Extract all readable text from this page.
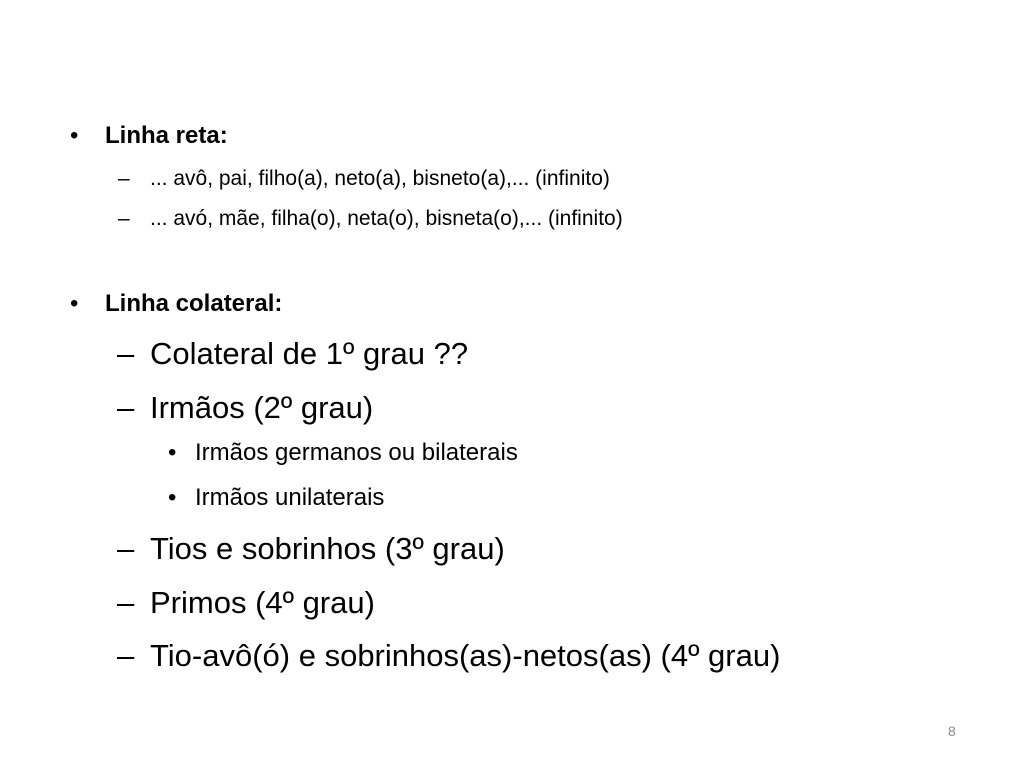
• Linha reta:
– ... avô, pai, filho(a), neto(a), bisneto(a),... (infinito)
– ... avó, mãe, filha(o), neta(o), bisneta(o),... (infinito)
• Linha colateral:
– Colateral de 1º grau ??
– Irmãos (2º grau)
• Irmãos germanos ou bilaterais
• Irmãos unilaterais
– Tios e sobrinhos (3º grau)
– Primos (4º grau)
– Tio-avô(ó) e sobrinhos(as)-netos(as) (4º grau)
8
